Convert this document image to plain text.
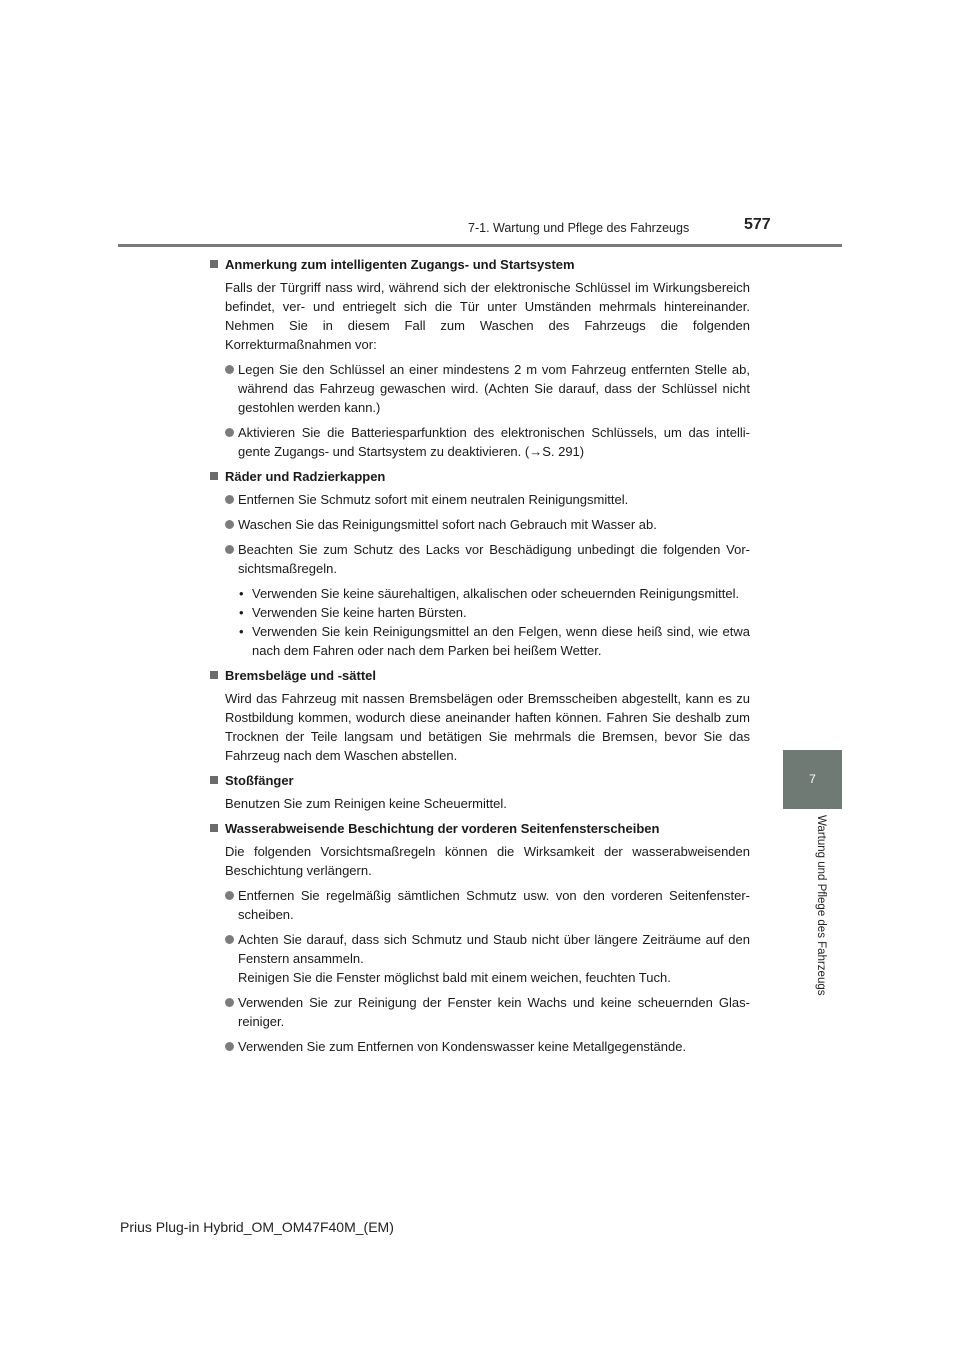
7-1. Wartung und Pflege des Fahrzeugs	577
7
Wartung und Pflege des Fahrzeugs
Anmerkung zum intelligenten Zugangs- und Startsystem
Falls der Türgriff nass wird, während sich der elektronische Schlüssel im Wirkungsbereich befindet, ver- und entriegelt sich die Tür unter Umständen mehrmals hintereinander. Nehmen Sie in diesem Fall zum Waschen des Fahrzeugs die folgenden Korrekturmaßnahmen vor:
Legen Sie den Schlüssel an einer mindestens 2 m vom Fahrzeug entfernten Stelle ab, während das Fahrzeug gewaschen wird. (Achten Sie darauf, dass der Schlüssel nicht gestohlen werden kann.)
Aktivieren Sie die Batteriesparfunktion des elektronischen Schlüssels, um das intelligente Zugangs- und Startsystem zu deaktivieren. (→S. 291)
Räder und Radzierkappen
Entfernen Sie Schmutz sofort mit einem neutralen Reinigungsmittel.
Waschen Sie das Reinigungsmittel sofort nach Gebrauch mit Wasser ab.
Beachten Sie zum Schutz des Lacks vor Beschädigung unbedingt die folgenden Vorsichtsmaßregeln.
• Verwenden Sie keine säurehaltigen, alkalischen oder scheuernden Reinigungsmittel.
• Verwenden Sie keine harten Bürsten.
• Verwenden Sie kein Reinigungsmittel an den Felgen, wenn diese heiß sind, wie etwa nach dem Fahren oder nach dem Parken bei heißem Wetter.
Bremsbeläge und -sättel
Wird das Fahrzeug mit nassen Bremsbelägen oder Bremsscheiben abgestellt, kann es zu Rostbildung kommen, wodurch diese aneinander haften können. Fahren Sie deshalb zum Trocknen der Teile langsam und betätigen Sie mehrmals die Bremsen, bevor Sie das Fahrzeug nach dem Waschen abstellen.
Stoßfänger
Benutzen Sie zum Reinigen keine Scheuermittel.
Wasserabweisende Beschichtung der vorderen Seitenfensterscheiben
Die folgenden Vorsichtsmaßregeln können die Wirksamkeit der wasserabweisenden Beschichtung verlängern.
Entfernen Sie regelmäßig sämtlichen Schmutz usw. von den vorderen Seitenfensterscheiben.
Achten Sie darauf, dass sich Schmutz und Staub nicht über längere Zeiträume auf den Fenstern ansammeln.
Reinigen Sie die Fenster möglichst bald mit einem weichen, feuchten Tuch.
Verwenden Sie zur Reinigung der Fenster kein Wachs und keine scheuernden Glasreiniger.
Verwenden Sie zum Entfernen von Kondenswasser keine Metallgegenstände.
Prius Plug-in Hybrid_OM_OM47F40M_(EM)
